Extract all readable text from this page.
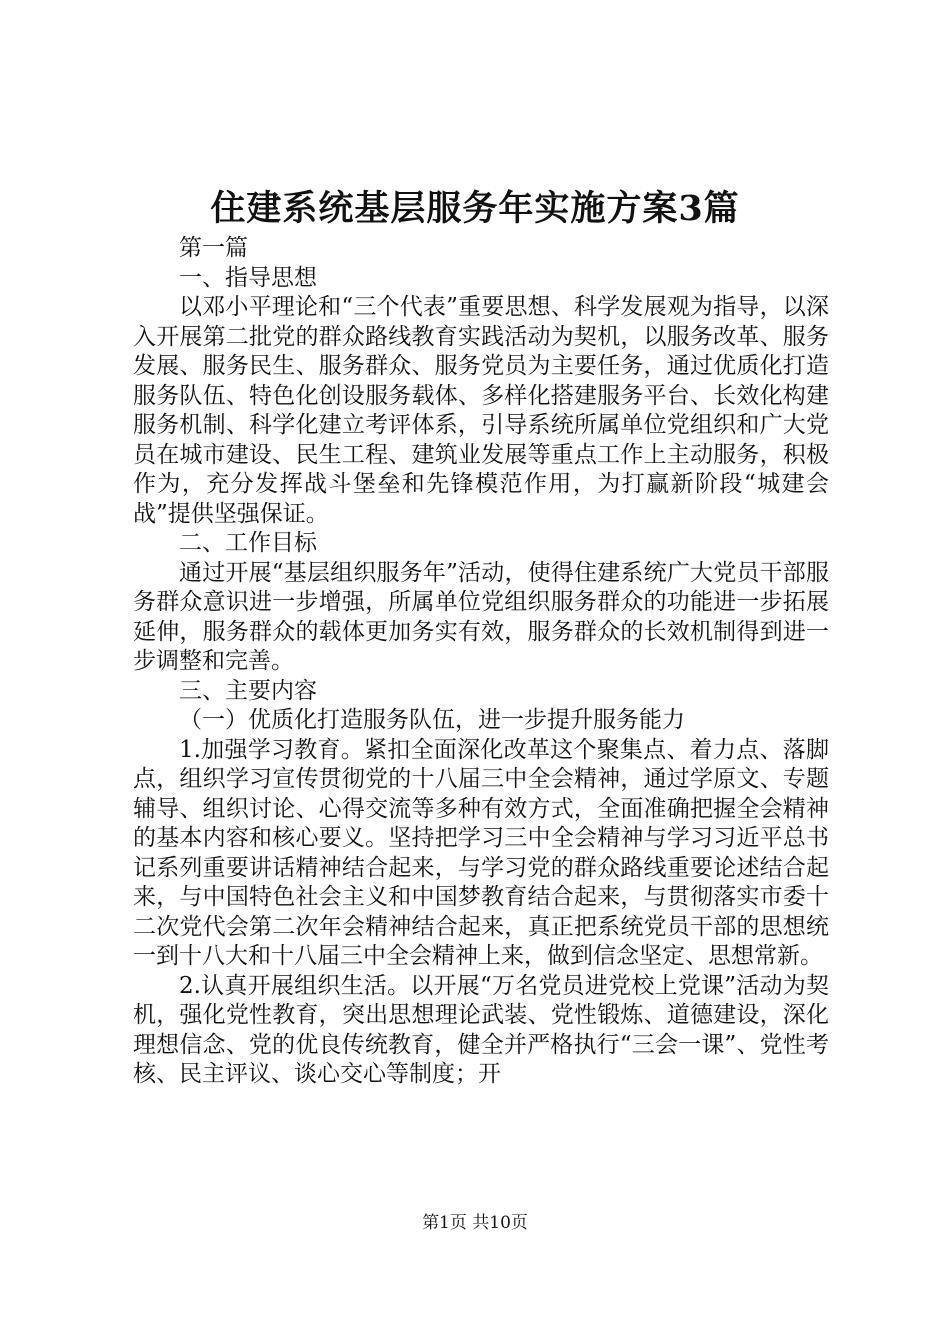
住建系统基层服务年实施方案3篇

第一篇

一、指导思想

以邓小平理论和“三个代表”重要思想、科学发展观为指导，以深入开展第二批党的群众路线教育实践活动为契机，以服务改革、服务发展、服务民生、服务群众、服务党员为主要任务，通过优质化打造服务队伍、特色化创设服务载体、多样化搭建服务平台、长效化构建服务机制、科学化建立考评体系，引导系统所属单位党组织和广大党员在城市建设、民生工程、建筑业发展等重点工作上主动服务，积极作为，充分发挥战斗堡垒和先锋模范作用，为打赢新阶段“城建会战”提供坚强保证。

二、工作目标

通过开展“基层组织服务年”活动，使得住建系统广大党员干部服务群众意识进一步增强，所属单位党组织服务群众的功能进一步拓展延伸，服务群众的载体更加务实有效，服务群众的长效机制得到进一步调整和完善。

三、主要内容

（一）优质化打造服务队伍，进一步提升服务能力

1.加强学习教育。紧扣全面深化改革这个聚集点、着力点、落脚点，组织学习宣传贯彻党的十八届三中全会精神，通过学原文、专题辅导、组织讨论、心得交流等多种有效方式，全面准确把握全会精神的基本内容和核心要义。坚持把学习三中全会精神与学习习近平总书记系列重要讲话精神结合起来，与学习党的群众路线重要论述结合起来，与中国特色社会主义和中国梦教育结合起来，与贯彻落实市委十二次党代会第二次年会精神结合起来，真正把系统党员干部的思想统一到十八大和十八届三中全会精神上来，做到信念坚定、思想常新。

2.认真开展组织生活。以开展“万名党员进党校上党课”活动为契机，强化党性教育，突出思想理论武装、党性锻炼、道德建设，深化理想信念、党的优良传统教育，健全并严格执行“三会一课”、党性考核、民主评议、谈心交心等制度；开

第1页 共10页
